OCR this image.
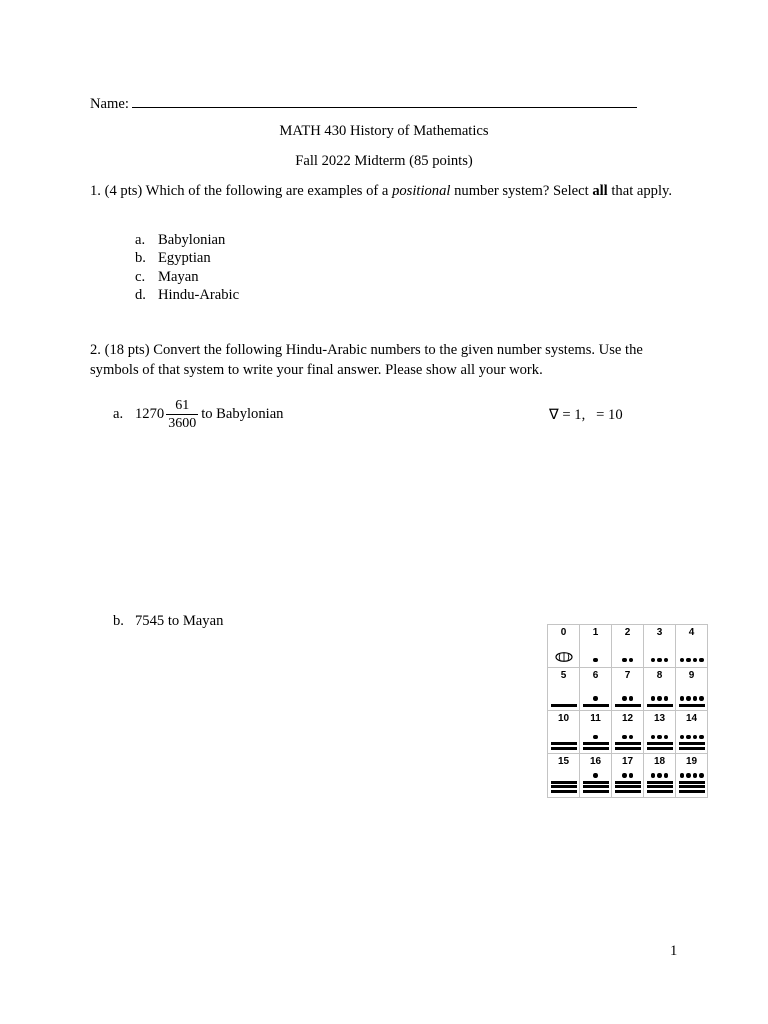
Name:
MATH 430 History of Mathematics
Fall 2022 Midterm (85 points)
1. (4 pts) Which of the following are examples of a positional number system? Select all that apply.
a. Babylonian
b. Egyptian
c. Mayan
d. Hindu-Arabic
2. (18 pts) Convert the following Hindu-Arabic numbers to the given number systems. Use the symbols of that system to write your final answer. Please show all your work.
a. $1270 \frac{61}{3600}$ to Babylonian	∇ = 1,   = 10
b. 7545 to Mayan
0	1	2	3	4

5	6	7	8	9

10	11	12	13	14

15	16	17	18	19
1
